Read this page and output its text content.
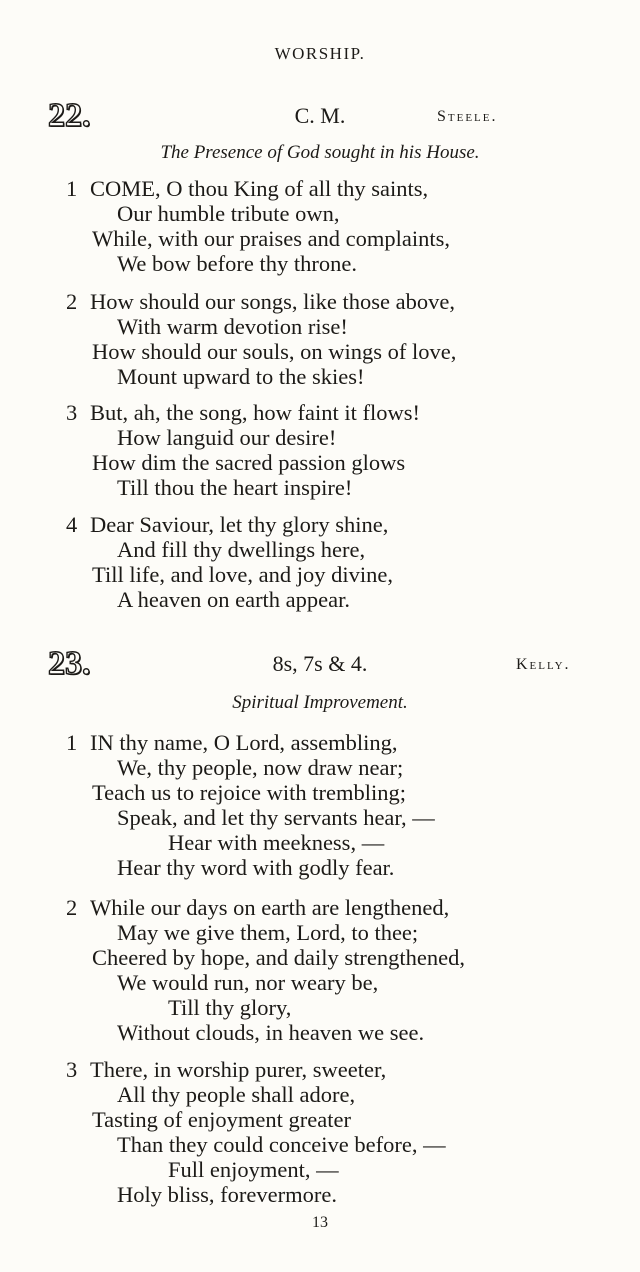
WORSHIP.
22.	C. M.	Steele.
The Presence of God sought in his House.
1 COME, O thou King of all thy saints,
Our humble tribute own,
While, with our praises and complaints,
We bow before thy throne.
2 How should our songs, like those above,
With warm devotion rise!
How should our souls, on wings of love,
Mount upward to the skies!
3 But, ah, the song, how faint it flows!
How languid our desire!
How dim the sacred passion glows
Till thou the heart inspire!
4 Dear Saviour, let thy glory shine,
And fill thy dwellings here,
Till life, and love, and joy divine,
A heaven on earth appear.
23.	8s, 7s & 4.	Kelly.
Spiritual Improvement.
1 IN thy name, O Lord, assembling,
We, thy people, now draw near;
Teach us to rejoice with trembling;
Speak, and let thy servants hear, —
Hear with meekness, —
Hear thy word with godly fear.
2 While our days on earth are lengthened,
May we give them, Lord, to thee;
Cheered by hope, and daily strengthened,
We would run, nor weary be,
Till thy glory,
Without clouds, in heaven we see.
3 There, in worship purer, sweeter,
All thy people shall adore,
Tasting of enjoyment greater
Than they could conceive before, —
Full enjoyment, —
Holy bliss, forevermore.
13
